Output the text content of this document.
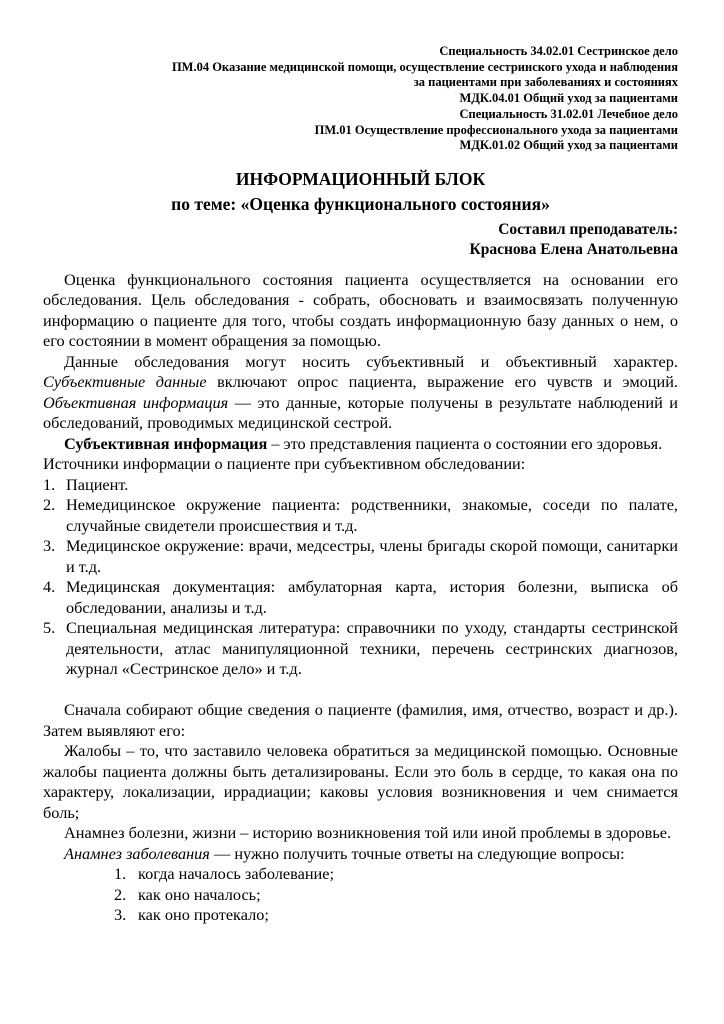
Специальность 34.02.01 Сестринское дело
ПМ.04 Оказание медицинской помощи, осуществление сестринского ухода и наблюдения
за пациентами при заболеваниях и состояниях
МДК.04.01 Общий уход за пациентами
Специальность 31.02.01 Лечебное дело
ПМ.01 Осуществление профессионального ухода за пациентами
МДК.01.02 Общий уход за пациентами
ИНФОРМАЦИОННЫЙ БЛОК
по теме: «Оценка функционального состояния»
Составил преподаватель:
Краснова Елена Анатольевна

Оценка функционального состояния пациента осуществляется на основании его обследования. Цель обследования - собрать, обосновать и взаимосвязать полученную информацию о пациенте для того, чтобы создать информационную базу данных о нем, о его состоянии в момент обращения за помощью.

Данные обследования могут носить субъективный и объективный характер. Субъективные данные включают опрос пациента, выражение его чувств и эмоций. Объективная информация — это данные, которые получены в результате наблюдений и обследований, проводимых медицинской сестрой.

Субъективная информация – это представления пациента о состоянии его здоровья.

Источники информации о пациенте при субъективном обследовании:

Пациент.
Немедицинское окружение пациента: родственники, знакомые, соседи по палате, случайные свидетели происшествия и т.д.
Медицинское окружение: врачи, медсестры, члены бригады скорой помощи, санитарки и т.д.
Медицинская документация: амбулаторная карта, история болезни, выписка об обследовании, анализы и т.д.
Специальная медицинская литература: справочники по уходу, стандарты сестринской деятельности, атлас манипуляционной техники, перечень сестринских диагнозов, журнал «Сестринское дело» и т.д.

Сначала собирают общие сведения о пациенте (фамилия, имя, отчество, возраст и др.). Затем выявляют его:

Жалобы – то, что заставило человека обратиться за медицинской помощью. Основные жалобы пациента должны быть детализированы. Если это боль в сердце, то какая она по характеру, локализации, иррадиации; каковы условия возникновения и чем снимается боль;

Анамнез болезни, жизни – историю возникновения той или иной проблемы в здоровье.

Анамнез заболевания — нужно получить точные ответы на следующие вопросы:

когда началось заболевание;
как оно началось;
как оно протекало;
